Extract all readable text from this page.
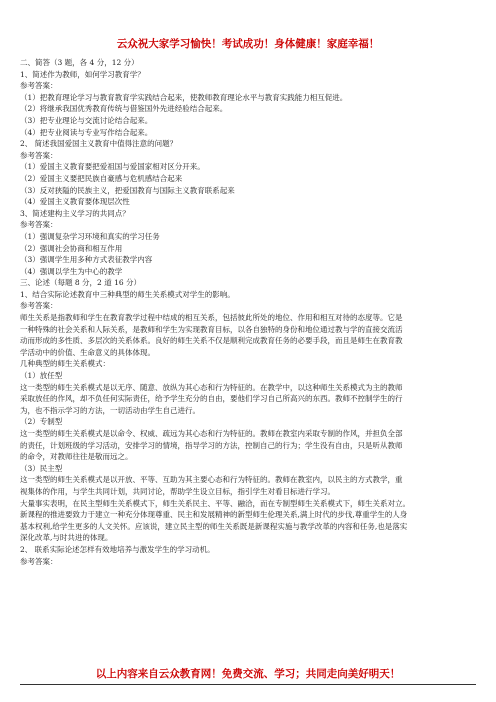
云众祝大家学习愉快！考试成功！身体健康！家庭幸福！

二、简答（3 题，各 4 分，12 分）

1、简述作为教师，如何学习教育学？

参考答案：

（1）把教育理论学习与教育教育学实践结合起来，使教师教育理论水平与教育实践能力相互促进。

（2）将继承我国优秀教育传统与借鉴国外先进经验结合起来。

（3）把专业理论与交流讨论结合起来。

（4）把专业阅读与专业写作结合起来。

2、 简述我国爱国主义教育中值得注意的问题？

参考答案：

（1）爱国主义教育要把爱祖国与爱国家相对区分开来。

（2）爱国主义要把民族自豪感与危机感结合起来

（3）反对狭隘的民族主义，把爱国教育与国际主义教育联系起来

（4）爱国主义教育要体现层次性

3、简述建构主义学习的共同点？

参考答案：

（1）强调复杂学习环境和真实的学习任务

（2）强调社会协商和相互作用

（3）强调学生用多种方式表征教学内容

（4）强调以学生为中心的教学

三、论述（每题 8 分，2 道 16 分）

1、结合实际论述教育中三种典型的师生关系模式对学生的影响。

参考答案：

师生关系是指教师和学生在教育教学过程中结成的相互关系，包括彼此所处的地位、作用和相互对待的态度等。它是

一种特殊的社会关系和人际关系，是教师和学生为实现教育目标，以各自独特的身份和地位通过教与学的直接交流活

动而形成的多性质、多层次的关系体系。良好的师生关系不仅是顺利完成教育任务的必要手段，而且是师生在教育教

学活动中的价值、生命意义的具体体现。

几种典型的师生关系模式：

（1）放任型

这一类型的师生关系模式是以无序、随意、放纵为其心态和行为特征的。在教学中，以这种师生关系模式为主的教师

采取放任的作风，却不负任何实际责任，给予学生充分的自由，要他们学习自己所高兴的东西。教师不控制学生的行

为，也不指示学习的方法，一切活动由学生自己进行。

（2）专制型

这一类型的师生关系模式是以命令、权威、疏远为其心态和行为特征的。教师在教室内采取专制的作风，并担负全部

的责任，计划班级的学习活动，安排学习的情境，指导学习的方法，控制自己的行为；学生没有自由，只是听从教师

的命令，对教师往往是敬而远之。

（3）民主型

这一类型的师生关系模式是以开放、平等、互助为其主要心态和行为特征的。教师在教室内，以民主的方式教学，重

视集体的作用，与学生共同计划，共同讨论，帮助学生设立目标，指引学生对看目标进行学习。

大量事实表明，在民主型师生关系模式下，师生关系民主、平等、融洽，而在专制型师生关系模式下，师生关系对立。

新课程的推进要致力于建立一种充分体现尊重、民主和发展精神的新型师生伦理关系,满上时代的步伐,尊重学生的人身

基本权利,给学生更多的人文关怀。应该说，建立民主型的师生关系既是新课程实施与教学改革的内容和任务,也是落实

深化改革,与时共进的体现。

2、 联系实际论述怎样有效地培养与激发学生的学习动机。

参考答案：

以上内容来自云众教育网！免费交流、学习；共同走向美好明天！
